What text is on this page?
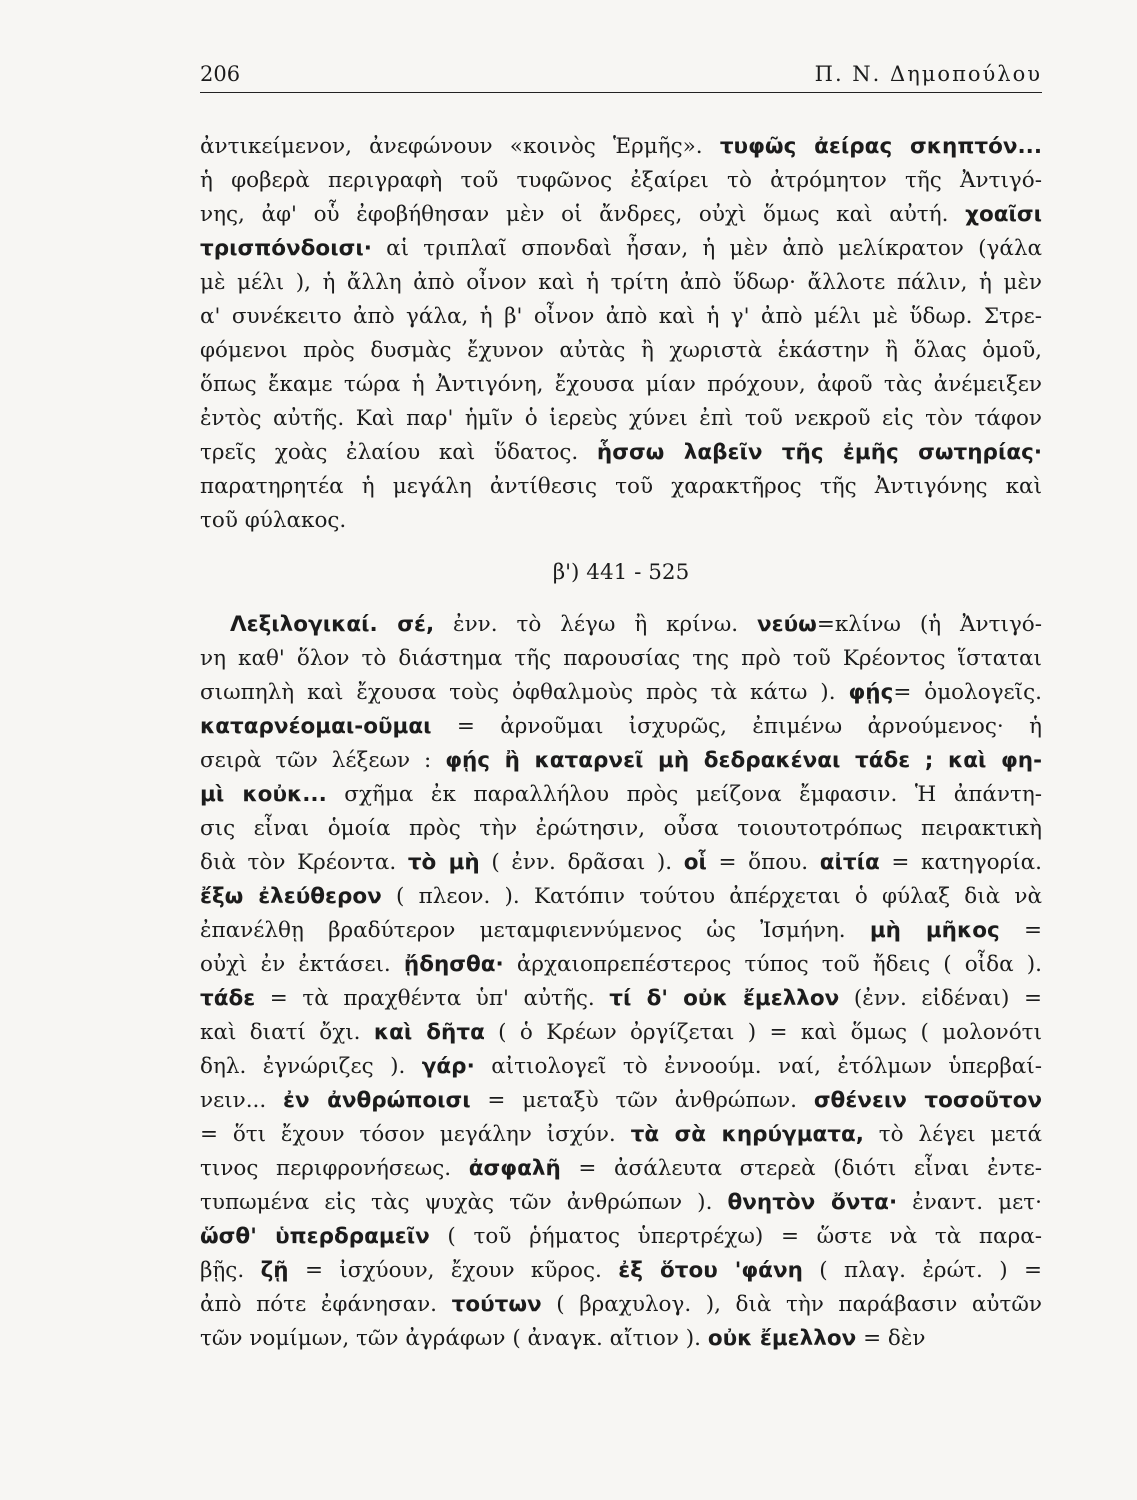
206	Π. Ν. Δημοπούλου
ἀντικείμενον, ἀνεφώνουν «κοινὸς Ἑρμῆς». τυφῶς ἀείρας σκηπτόν...
ἡ φοβερὰ περιγραφὴ τοῦ τυφῶνος ἐξαίρει τὸ ἀτρόμητον τῆς Ἀντιγό-
νης, ἀφ' οὗ ἐφοβήθησαν μὲν οἱ ἄνδρες, οὐχὶ ὅμως καὶ αὐτή. χοαῖσι
τρισπόνδοισι· αἱ τριπλαῖ σπονδαὶ ἦσαν, ἡ μὲν ἀπὸ μελίκρατον (γάλα
μὲ μέλι ), ἡ ἄλλη ἀπὸ οἶνον καὶ ἡ τρίτη ἀπὸ ὕδωρ· ἄλλοτε πάλιν, ἡ μὲν
α' συνέκειτο ἀπὸ γάλα, ἡ β' οἶνον ἀπὸ καὶ ἡ γ' ἀπὸ μέλι μὲ ὕδωρ. Στρε-
φόμενοι πρὸς δυσμὰς ἔχυνον αὐτὰς ἢ χωριστὰ ἑκάστην ἢ ὅλας ὁμοῦ,
ὅπως ἔκαμε τώρα ἡ Ἀντιγόνη, ἔχουσα μίαν πρόχουν, ἀφοῦ τὰς ἀνέμειξεν
ἐντὸς αὐτῆς. Καὶ παρ' ἡμῖν ὁ ἱερεὺς χύνει ἐπὶ τοῦ νεκροῦ εἰς τὸν τάφον
τρεῖς χοὰς ἐλαίου καὶ ὕδατος. ἧσσω λαβεῖν τῆς ἐμῆς σωτηρίας·
παρατηρητέα ἡ μεγάλη ἀντίθεσις τοῦ χαρακτῆρος τῆς Ἀντιγόνης καὶ
τοῦ φύλακος.
β') 441 - 525
Λεξιλογικαί. σέ, ἐνν. τὸ λέγω ἢ κρίνω. νεύω=κλίνω (ἡ Ἀντιγό-
νη καθ' ὅλον τὸ διάστημα τῆς παρουσίας της πρὸ τοῦ Κρέοντος ἵσταται
σιωπηλὴ καὶ ἔχουσα τοὺς ὀφθαλμοὺς πρὸς τὰ κάτω ). φῄς= ὁμολογεῖς.
καταρνέομαι-οῦμαι = ἀρνοῦμαι ἰσχυρῶς, ἐπιμένω ἀρνούμενος· ἡ
σειρὰ τῶν λέξεων : φῄς ἢ καταρνεῖ μὴ δεδρακέναι τάδε ; καὶ φη-
μὶ κοὐκ... σχῆμα ἐκ παραλλήλου πρὸς μείζονα ἔμφασιν. Ἡ ἀπάντη-
σις εἶναι ὁμοία πρὸς τὴν ἐρώτησιν, οὖσα τοιουτοτρόπως πειρακτικὴ
διὰ τὸν Κρέοντα. τὸ μὴ ( ἐνν. δρᾶσαι ). οἷ = ὅπου. αἰτία = κατηγορία.
ἔξω ἐλεύθερον ( πλεον. ). Κατόπιν τούτου ἀπέρχεται ὁ φύλαξ διὰ νὰ
ἐπανέλθῃ βραδύτερον μεταμφιεννύμενος ὡς Ἰσμήνη. μὴ μῆκος =
οὐχὶ ἐν ἐκτάσει. ᾔδησθα· ἀρχαιοπρεπέστερος τύπος τοῦ ἤδεις ( οἶδα ).
τάδε = τὰ πραχθέντα ὑπ' αὐτῆς. τί δ' οὐκ ἔμελλον (ἐνν. εἰδέναι) =
καὶ διατί ὄχι. καὶ δῆτα ( ὁ Κρέων ὀργίζεται ) = καὶ ὅμως ( μολονότι
δηλ. ἐγνώριζες ). γάρ· αἰτιολογεῖ τὸ ἐννοούμ. ναί, ἐτόλμων ὑπερβαί-
νειν... ἐν ἀνθρώποισι = μεταξὺ τῶν ἀνθρώπων. σθένειν τοσοῦτον
= ὅτι ἔχουν τόσον μεγάλην ἰσχύν. τὰ σὰ κηρύγματα, τὸ λέγει μετά
τινος περιφρονήσεως. ἀσφαλῆ = ἀσάλευτα στερεὰ (διότι εἶναι ἐντε-
τυπωμένα εἰς τὰς ψυχὰς τῶν ἀνθρώπων ). θνητὸν ὄντα· ἐναντ. μετ·
ὥσθ' ὑπερδραμεῖν ( τοῦ ῥήματος ὑπερτρέχω) = ὥστε νὰ τὰ παρα-
βῇς. ζῇ = ἰσχύουν, ἔχουν κῦρος. ἐξ ὅτου 'φάνη ( πλαγ. ἐρώτ. ) =
ἀπὸ πότε ἐφάνησαν. τούτων ( βραχυλογ. ), διὰ τὴν παράβασιν αὐτῶν
τῶν νομίμων, τῶν ἀγράφων ( ἀναγκ. αἴτιον ). οὐκ ἔμελλον = δὲν
